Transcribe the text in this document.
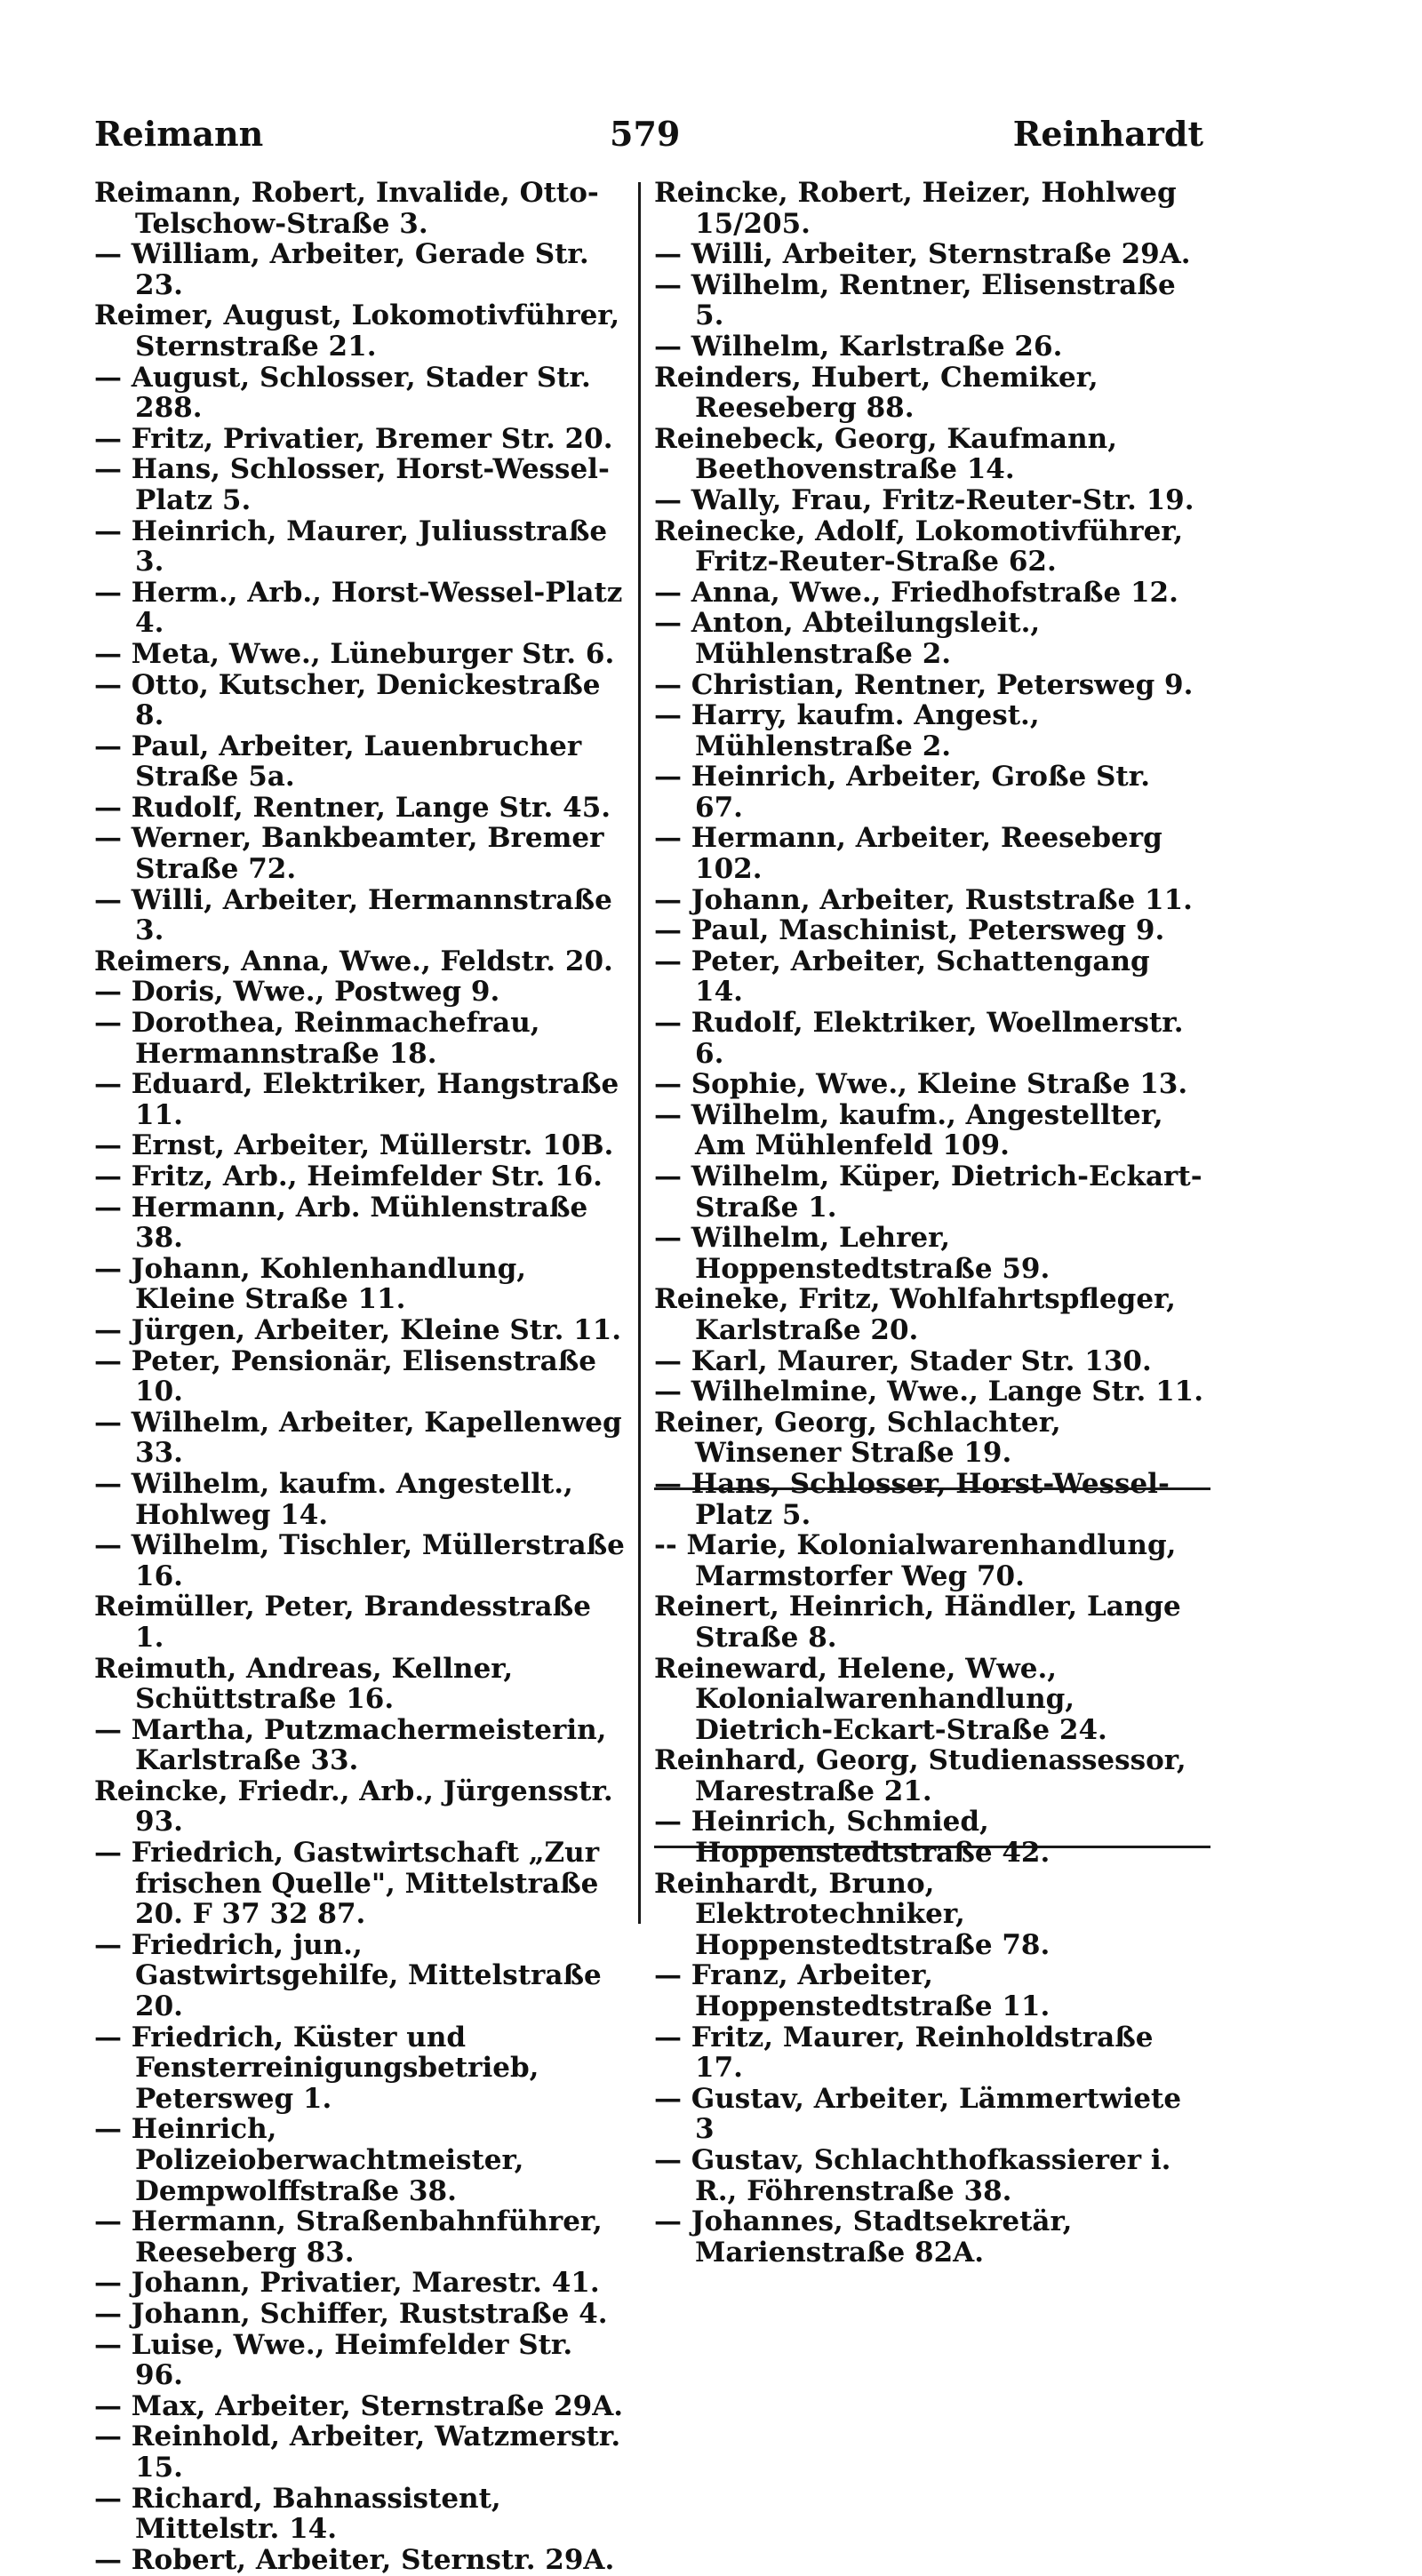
Reimann	579	Reinhardt

Reimann, Robert, Invalide, Otto-Telschow-Straße 3.

— William, Arbeiter, Gerade Str. 23.

Reimer, August, Lokomotivführer, Sternstraße 21.

— August, Schlosser, Stader Str. 288.

— Fritz, Privatier, Bremer Str. 20.

— Hans, Schlosser, Horst-Wessel-Platz 5.

— Heinrich, Maurer, Juliusstraße 3.

— Herm., Arb., Horst-Wessel-Platz 4.

— Meta, Wwe., Lüneburger Str. 6.

— Otto, Kutscher, Denickestraße 8.

— Paul, Arbeiter, Lauenbrucher Straße 5a.

— Rudolf, Rentner, Lange Str. 45.

— Werner, Bankbeamter, Bremer Straße 72.

— Willi, Arbeiter, Hermannstraße 3.

Reimers, Anna, Wwe., Feldstr. 20.

— Doris, Wwe., Postweg 9.

— Dorothea, Reinmachefrau, Hermannstraße 18.

— Eduard, Elektriker, Hangstraße 11.

— Ernst, Arbeiter, Müllerstr. 10B.

— Fritz, Arb., Heimfelder Str. 16.

— Hermann, Arb. Mühlenstraße 38.

— Johann, Kohlenhandlung, Kleine Straße 11.

— Jürgen, Arbeiter, Kleine Str. 11.

— Peter, Pensionär, Elisenstraße 10.

— Wilhelm, Arbeiter, Kapellenweg 33.

— Wilhelm, kaufm. Angestellt., Hohlweg 14.

— Wilhelm, Tischler, Müllerstraße 16.

Reimüller, Peter, Brandesstraße 1.

Reimuth, Andreas, Kellner, Schüttstraße 16.

— Martha, Putzmachermeisterin, Karlstraße 33.

Reincke, Friedr., Arb., Jürgensstr. 93.

— Friedrich, Gastwirtschaft „Zur frischen Quelle", Mittelstraße 20. F 37 32 87.

— Friedrich, jun., Gastwirtsgehilfe, Mittelstraße 20.

— Friedrich, Küster und Fensterreinigungsbetrieb, Petersweg 1.

— Heinrich, Polizeioberwachtmeister, Dempwolffstraße 38.

— Hermann, Straßenbahnführer, Reeseberg 83.

— Johann, Privatier, Marestr. 41.

— Johann, Schiffer, Ruststraße 4.

— Luise, Wwe., Heimfelder Str. 96.

— Max, Arbeiter, Sternstraße 29A.

— Reinhold, Arbeiter, Watzmerstr. 15.

— Richard, Bahnassistent, Mittelstr. 14.

— Robert, Arbeiter, Sternstr. 29A.

Reincke, Robert, Heizer, Hohlweg 15/205.

— Willi, Arbeiter, Sternstraße 29A.

— Wilhelm, Rentner, Elisenstraße 5.

— Wilhelm, Karlstraße 26.

Reinders, Hubert, Chemiker, Reeseberg 88.

Reinebeck, Georg, Kaufmann, Beethovenstraße 14.

— Wally, Frau, Fritz-Reuter-Str. 19.

Reinecke, Adolf, Lokomotivführer, Fritz-Reuter-Straße 62.

— Anna, Wwe., Friedhofstraße 12.

— Anton, Abteilungsleit., Mühlenstraße 2.

— Christian, Rentner, Petersweg 9.

— Harry, kaufm. Angest., Mühlenstraße 2.

— Heinrich, Arbeiter, Große Str. 67.

— Hermann, Arbeiter, Reeseberg 102.

— Johann, Arbeiter, Ruststraße 11.

— Paul, Maschinist, Petersweg 9.

— Peter, Arbeiter, Schattengang 14.

— Rudolf, Elektriker, Woellmerstr. 6.

— Sophie, Wwe., Kleine Straße 13.

— Wilhelm, kaufm., Angestellter, Am Mühlenfeld 109.

— Wilhelm, Küper, Dietrich-Eckart-Straße 1.

— Wilhelm, Lehrer, Hoppenstedtstraße 59.

Reineke, Fritz, Wohlfahrtspfleger, Karlstraße 20.

— Karl, Maurer, Stader Str. 130.

— Wilhelmine, Wwe., Lange Str. 11.

Reiner, Georg, Schlachter, Winsener Straße 19.

— Hans, Schlosser, Horst-Wessel-Platz 5.

-- Marie, Kolonialwarenhandlung, Marmstorfer Weg 70.

Reinert, Heinrich, Händler, Lange Straße 8.

Reineward, Helene, Wwe., Kolonialwarenhandlung, Dietrich-Eckart-Straße 24.

Reinhard, Georg, Studienassessor, Marestraße 21.

— Heinrich, Schmied, Hoppenstedtstraße 42.

Reinhardt, Bruno, Elektrotechniker, Hoppenstedtstraße 78.

— Franz, Arbeiter, Hoppenstedtstraße 11.

— Fritz, Maurer, Reinholdstraße 17.

— Gustav, Arbeiter, Lämmertwiete 3

— Gustav, Schlachthofkassierer i. R., Föhrenstraße 38.

— Johannes, Stadtsekretär, Marienstraße 82A.
